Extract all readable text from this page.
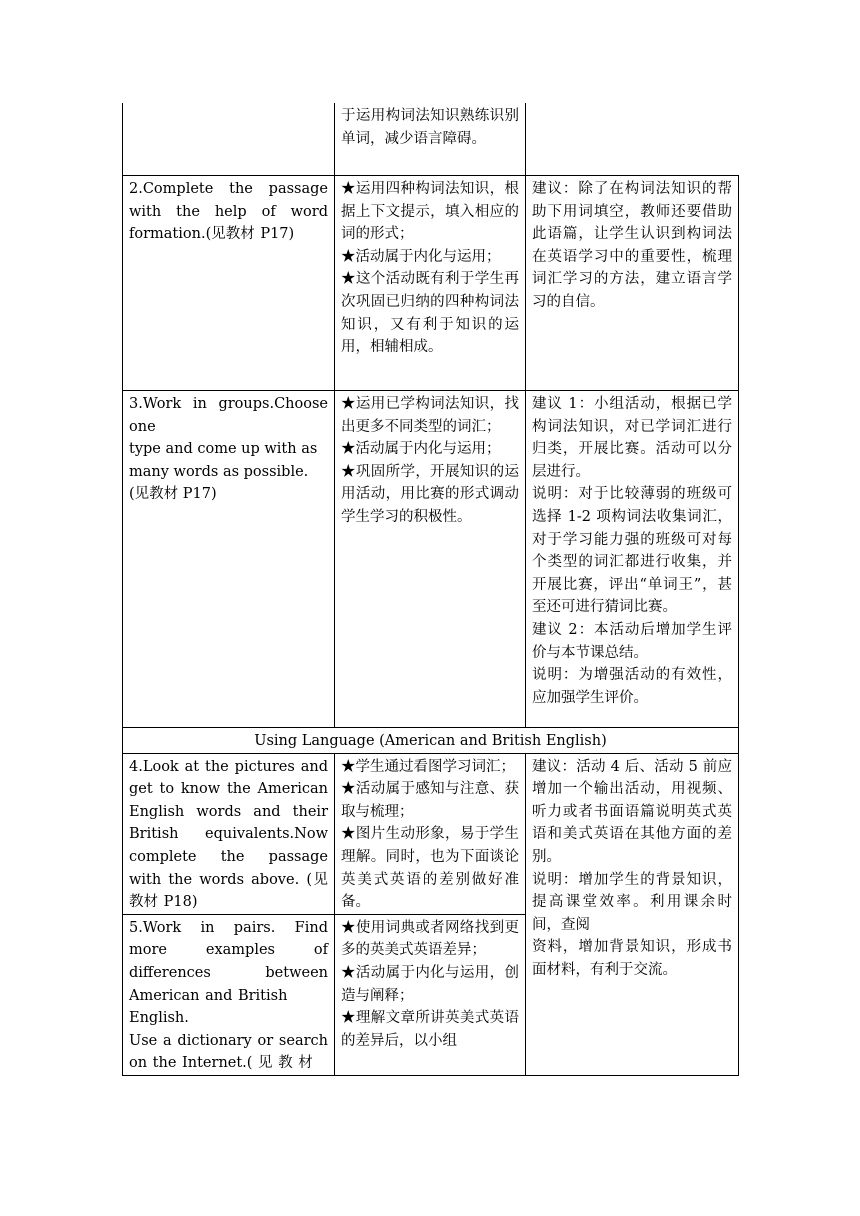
	于运用构词法知识熟练识别单词，减少语言障碍。	

2.Complete the passage with the help of word formation.(见教材 P17)	★运用四种构词法知识，根据上下文提示，填入相应的词的形式；
★活动属于内化与运用；
★这个活动既有利于学生再次巩固已归纳的四种构词法知识，又有利于知识的运用，相辅相成。	建议：除了在构词法知识的帮助下用词填空，教师还要借助此语篇，让学生认识到构词法在英语学习中的重要性，梳理词汇学习的方法，建立语言学习的自信。

3.Work in groups.Choose one
type and come up with as many words as possible.
(见教材 P17)	★运用已学构词法知识，找出更多不同类型的词汇；
★活动属于内化与运用；
★巩固所学，开展知识的运用活动，用比赛的形式调动学生学习的积极性。	建议 1：小组活动，根据已学构词法知识，对已学词汇进行归类，开展比赛。活动可以分层进行。
说明：对于比较薄弱的班级可选择 1-2 项构词法收集词汇，对于学习能力强的班级可对每个类型的词汇都进行收集，并开展比赛，评出“单词王”，甚至还可进行猜词比赛。
建议 2：本活动后增加学生评价与本节课总结。
说明：为增强活动的有效性，应加强学生评价。

Using Language (American and British English)		

4.Look at the pictures and get to know the American English words and their British equivalents.Now complete the passage with the words above. (见教材 P18)	★学生通过看图学习词汇；
★活动属于感知与注意、获取与梳理；
★图片生动形象，易于学生理解。同时，也为下面谈论英美式英语的差别做好准备。	建议：活动 4 后、活动 5 前应增加一个输出活动，用视频、听力或者书面语篇说明英式英语和美式英语在其他方面的差别。
说明：增加学生的背景知识，提高课堂效率。利用课余时间，查阅
资料，增加背景知识，形成书面材料，有利于交流。

5.Work in pairs. Find more examples of differences between American and British
English.
Use a dictionary or search on the Internet.( 见 教 材	★使用词典或者网络找到更多的英美式英语差异；
★活动属于内化与运用，创造与阐释；
★理解文章所讲英美式英语的差异后，以小组	
